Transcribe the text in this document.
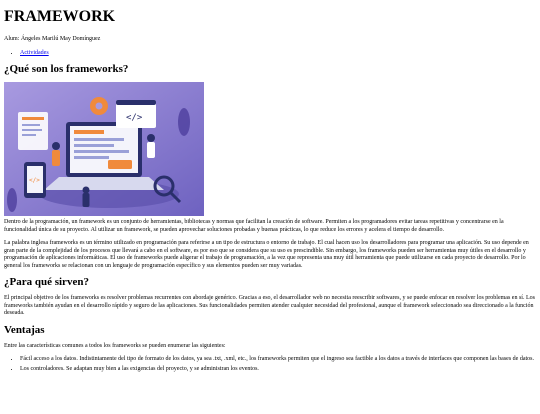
FRAMEWORK
Alum: Ángeles Marilú May Domínguez
• Actividades
¿Qué son los frameworks?
</>
</>

Dentro de la programación, un framework es un conjunto de herramientas, bibliotecas y normas que facilitan la creación de software. Permiten a los programadores evitar tareas repetitivas y concentrarse en la funcionalidad única de su proyecto. Al utilizar un framework, se pueden aprovechar soluciones probadas y buenas prácticas, lo que reduce los errores y acelera el tiempo de desarrollo.

La palabra inglesa frameworks es un término utilizado en programación para referirse a un tipo de estructura o entorno de trabajo. El cual hacen uso los desarrolladores para programar una aplicación. Su uso depende en gran parte de la complejidad de los procesos que llevará a cabo en el software, es por eso que se considera que su uso es prescindible. Sin embargo, los frameworks pueden ser herramientas muy útiles en el desarrollo y programación de aplicaciones informáticas. El uso de frameworks puede aligerar el trabajo de programación, a la vez que representa una muy útil herramienta que puede utilizarse en cada proyecto de desarrollo. Por lo general los frameworks se relacionan con un lenguaje de programación específico y sus elementos pueden ser muy variadas.

¿Para qué sirven?

El principal objetivo de los frameworks es resolver problemas recurrentes con abordaje genérico. Gracias a eso, el desarrollador web no necesita reescribir softwares, y se puede enfocar en resolver los problemas en sí. Los frameworks también ayudan en el desarrollo rápido y seguro de las aplicaciones. Sus funcionalidades permiten atender cualquier necesidad del profesional, aunque el framework seleccionado sea direccionado a la función deseada.

Ventajas

Entre las características comunes a todos los frameworks se pueden enumerar las siguientes:

• Fácil acceso a los datos. Indistintamente del tipo de formato de los datos, ya sea .txt, .xml, etc., los frameworks permiten que el ingreso sea factible a los datos a través de interfaces que componen las bases de datos.
• Los controladores. Se adaptan muy bien a las exigencias del proyecto, y se administran los eventos.
